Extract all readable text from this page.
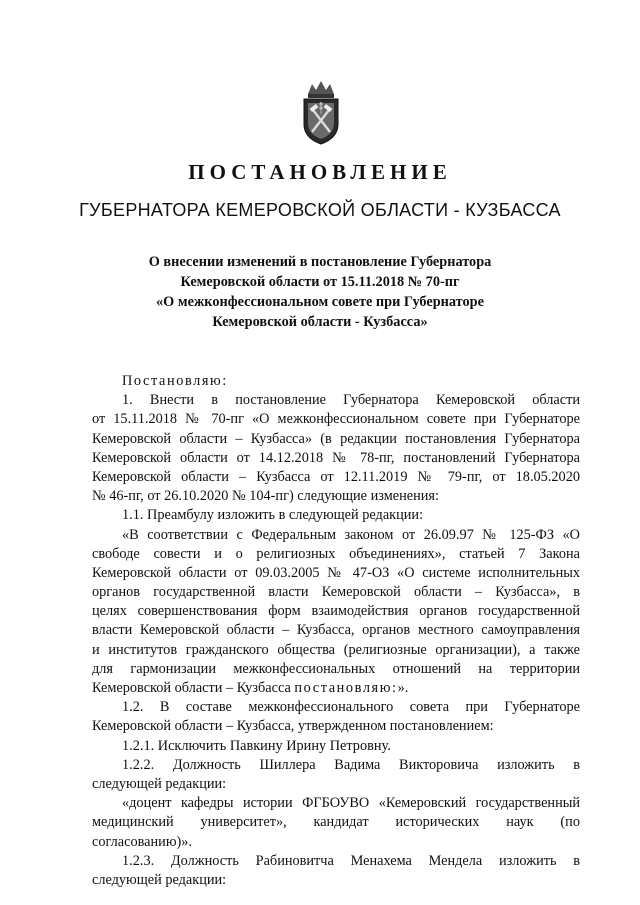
ПОСТАНОВЛЕНИЕ
ГУБЕРНАТОРА КЕМЕРОВСКОЙ ОБЛАСТИ - КУЗБАССА
О внесении изменений в постановление Губернатора
Кемеровской области от 15.11.2018 № 70-пг
«О межконфессиональном совете при Губернаторе
Кемеровской области - Кузбасса»
Постановляю:
1. Внести в постановление Губернатора Кемеровской области
от 15.11.2018 № 70-пг «О межконфессиональном совете при Губернаторе
Кемеровской области – Кузбасса» (в редакции постановления Губернатора
Кемеровской области от 14.12.2018 № 78-пг, постановлений Губернатора
Кемеровской области – Кузбасса от 12.11.2019 № 79-пг, от 18.05.2020
№ 46-пг, от 26.10.2020 № 104-пг) следующие изменения:
1.1. Преамбулу изложить в следующей редакции:
«В соответствии с Федеральным законом от 26.09.97 № 125-ФЗ «О
свободе совести и о религиозных объединениях», статьей 7 Закона
Кемеровской области от 09.03.2005 № 47-ОЗ «О системе исполнительных
органов государственной власти Кемеровской области – Кузбасса», в
целях совершенствования форм взаимодействия органов государственной
власти Кемеровской области – Кузбасса, органов местного самоуправления
и институтов гражданского общества (религиозные организации), а также
для гармонизации межконфессиональных отношений на территории
Кемеровской области – Кузбасса постановляю:».
1.2. В составе межконфессионального совета при Губернаторе
Кемеровской области – Кузбасса, утвержденном постановлением:
1.2.1. Исключить Павкину Ирину Петровну.
1.2.2. Должность Шиллера Вадима Викторовича изложить в
следующей редакции:
«доцент кафедры истории ФГБОУВО «Кемеровский государственный
медицинский университет», кандидат исторических наук (по
согласованию)».
1.2.3. Должность Рабиновитча Менахема Мендела изложить в
следующей редакции:
